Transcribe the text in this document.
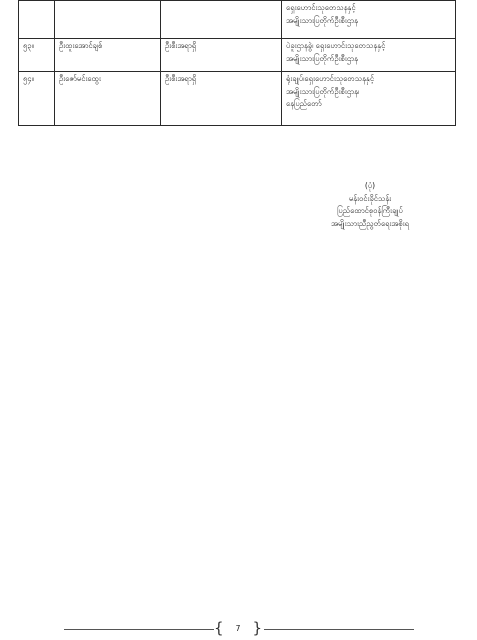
			ရှေးဟောင်းသုတေသနနှင့်
အမျိုးသားပြတိုက်ဦးစီးဌာန

၅၃။	ဦးထူးအောင်ချစ်	ဦးစီးအရာရှိ	ပဲခူးဌာနခွဲ၊ ရှေးဟောင်းသုတေသနနှင့်
အမျိုးသားပြတိုက်ဦးစီးဌာန

၅၄။	ဦးဇော်မင်းထွေး	ဦးစီးအရာရှိ	ရုံးချုပ်၊ရှေးဟောင်းသုတေသနနှင့်
အမျိုးသားပြတိုက်ဦးစီးဌာန၊
နေပြည်တော်
(ပုံ)
မန်းဝင်းခိုင်သန်း
ပြည်ထောင်စုဝန်ကြီးချုပ်
အမျိုးသားညီညွတ်ရေးအစိုးရ
{ 7 }
